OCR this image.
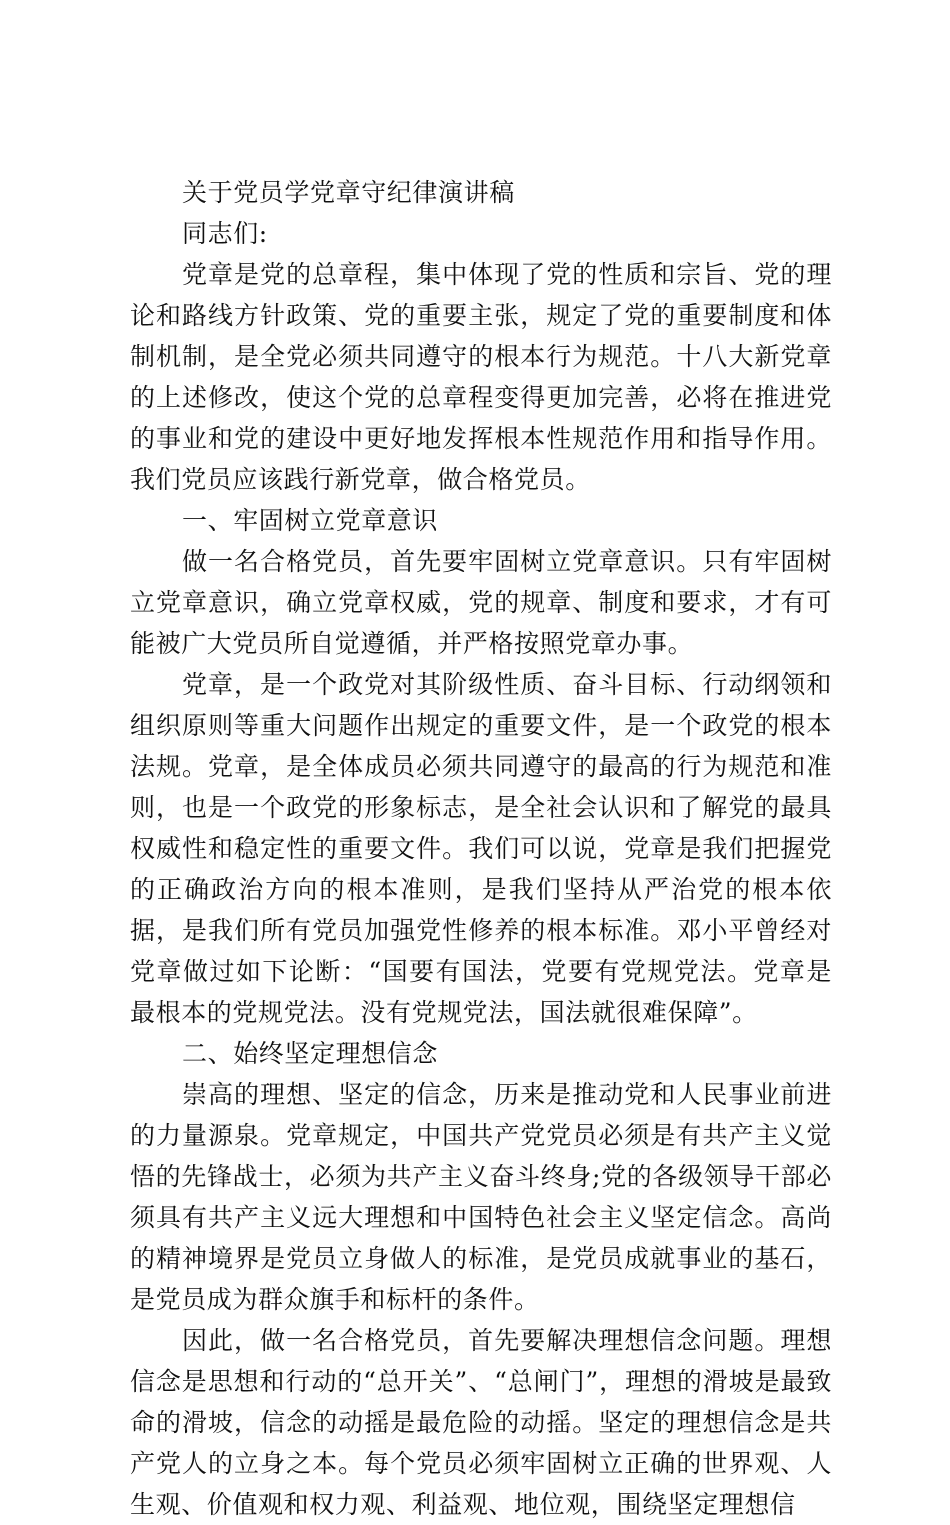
关于党员学党章守纪律演讲稿

同志们:

党章是党的总章程，集中体现了党的性质和宗旨、党的理论和路线方针政策、党的重要主张，规定了党的重要制度和体制机制，是全党必须共同遵守的根本行为规范。十八大新党章的上述修改，使这个党的总章程变得更加完善，必将在推进党的事业和党的建设中更好地发挥根本性规范作用和指导作用。我们党员应该践行新党章，做合格党员。

一、牢固树立党章意识

做一名合格党员，首先要牢固树立党章意识。只有牢固树立党章意识，确立党章权威，党的规章、制度和要求，才有可能被广大党员所自觉遵循，并严格按照党章办事。

党章，是一个政党对其阶级性质、奋斗目标、行动纲领和组织原则等重大问题作出规定的重要文件，是一个政党的根本法规。党章，是全体成员必须共同遵守的最高的行为规范和准则，也是一个政党的形象标志，是全社会认识和了解党的最具权威性和稳定性的重要文件。我们可以说，党章是我们把握党的正确政治方向的根本准则，是我们坚持从严治党的根本依据，是我们所有党员加强党性修养的根本标准。邓小平曾经对党章做过如下论断：“国要有国法，党要有党规党法。党章是最根本的党规党法。没有党规党法，国法就很难保障”。

二、始终坚定理想信念

崇高的理想、坚定的信念，历来是推动党和人民事业前进的力量源泉。党章规定，中国共产党党员必须是有共产主义觉悟的先锋战士，必须为共产主义奋斗终身;党的各级领导干部必须具有共产主义远大理想和中国特色社会主义坚定信念。高尚的精神境界是党员立身做人的标准，是党员成就事业的基石，是党员成为群众旗手和标杆的条件。

因此，做一名合格党员，首先要解决理想信念问题。理想信念是思想和行动的“总开关”、“总闸门”，理想的滑坡是最致命的滑坡，信念的动摇是最危险的动摇。坚定的理想信念是共产党人的立身之本。每个党员必须牢固树立正确的世界观、人生观、价值观和权力观、利益观、地位观，围绕坚定理想信
